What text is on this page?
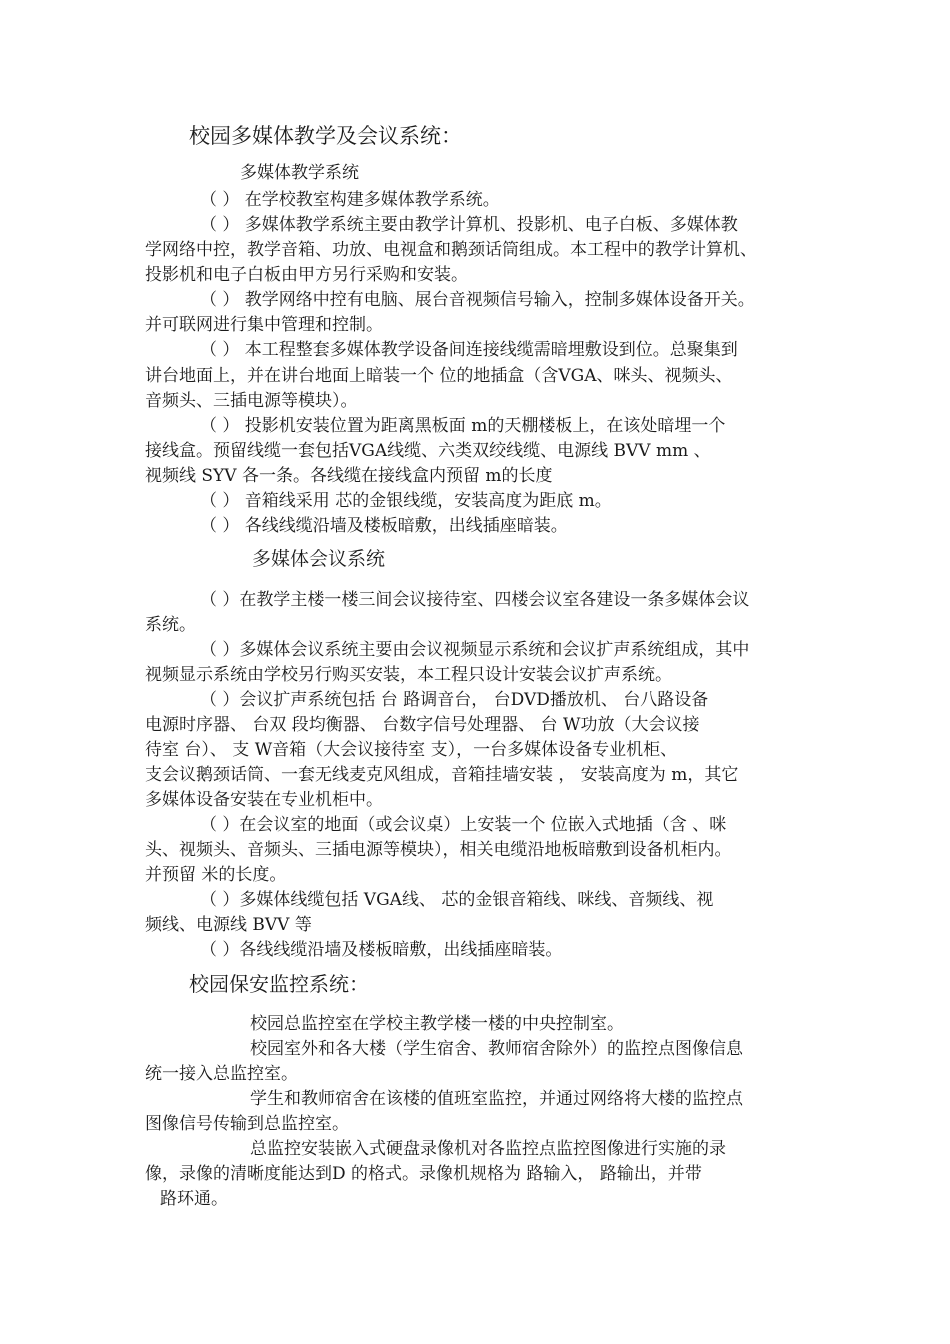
校园多媒体教学及会议系统：
多媒体教学系统
（ ） 在学校教室构建多媒体教学系统。
（ ） 多媒体教学系统主要由教学计算机、投影机、电子白板、多媒体教
学网络中控，教学音箱、功放、电视盒和鹅颈话筒组成。本工程中的教学计算机、
投影机和电子白板由甲方另行采购和安装。
（ ） 教学网络中控有电脑、展台音视频信号输入，控制多媒体设备开关。
并可联网进行集中管理和控制。
（ ） 本工程整套多媒体教学设备间连接线缆需暗埋敷设到位。总聚集到
讲台地面上，并在讲台地面上暗装一个 位的地插盒（含VGA、咪头、视频头、
音频头、三插电源等模块）。
（ ） 投影机安装位置为距离黑板面 m的天棚楼板上，在该处暗埋一个
接线盒。预留线缆一套包括VGA线缆、六类双绞线缆、电源线 BVV mm 、
视频线 SYV 各一条。各线缆在接线盒内预留 m的长度
（ ） 音箱线采用 芯的金银线缆，安装高度为距底 m。
（ ） 各线线缆沿墙及楼板暗敷，出线插座暗装。
多媒体会议系统
（ ）在教学主楼一楼三间会议接待室、四楼会议室各建设一条多媒体会议
系统。
（ ）多媒体会议系统主要由会议视频显示系统和会议扩声系统组成，其中
视频显示系统由学校另行购买安装，本工程只设计安装会议扩声系统。
（ ）会议扩声系统包括 台 路调音台， 台DVD播放机、 台八路设备
电源时序器、 台双 段均衡器、 台数字信号处理器、 台 W功放（大会议接
待室 台）、 支 W音箱（大会议接待室 支），一台多媒体设备专业机柜、
支会议鹅颈话筒、一套无线麦克风组成，音箱挂墙安装 ， 安装高度为 m，其它
多媒体设备安装在专业机柜中。
（ ）在会议室的地面（或会议桌）上安装一个 位嵌入式地插（含 、咪
头、视频头、音频头、三插电源等模块），相关电缆沿地板暗敷到设备机柜内。
并预留 米的长度。
（ ）多媒体线缆包括 VGA线、 芯的金银音箱线、咪线、音频线、视
频线、电源线 BVV 等
（ ）各线线缆沿墙及楼板暗敷，出线插座暗装。
校园保安监控系统：
校园总监控室在学校主教学楼一楼的中央控制室。
校园室外和各大楼（学生宿舍、教师宿舍除外）的监控点图像信息
统一接入总监控室。
学生和教师宿舍在该楼的值班室监控，并通过网络将大楼的监控点
图像信号传输到总监控室。
总监控安装嵌入式硬盘录像机对各监控点监控图像进行实施的录
像，录像的清晰度能达到D 的格式。录像机规格为 路输入， 路输出，并带
路环通。
